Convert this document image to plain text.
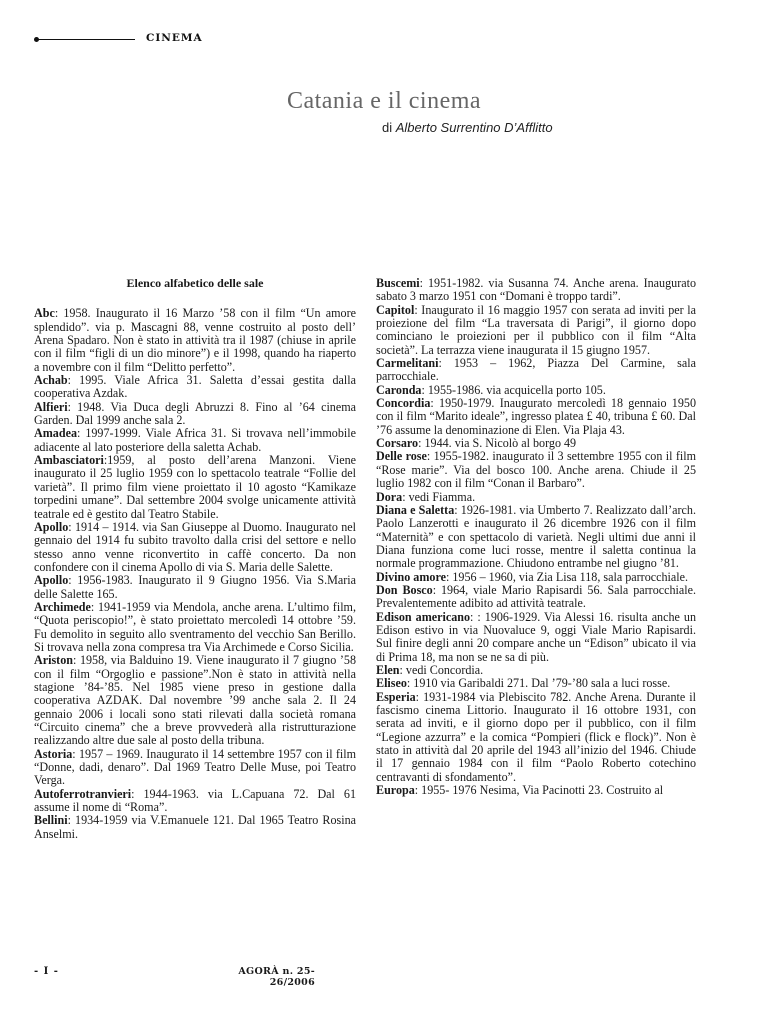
CINEMA
Catania e il cinema
di Alberto Surrentino D’Afflitto
Elenco alfabetico delle sale

Abc: 1958. Inaugurato il 16 Marzo ’58 con il film “Un amore splendido”. via p. Mascagni 88, venne costruito al posto dell’ Arena Spadaro. Non è stato in attività tra il 1987 (chiuse in aprile con il film “figli di un dio minore”) e il 1998, quando ha riaperto a novembre con il film “Delitto perfetto”.

Achab: 1995. Viale Africa 31. Saletta d’essai gestita dalla cooperativa Azdak.

Alfieri: 1948. Via Duca degli Abruzzi 8. Fino al ’64 cinema Garden. Dal 1999 anche sala 2.

Amadea: 1997-1999. Viale Africa 31. Si trovava nell’immobile adiacente al lato posteriore della saletta Achab.

Ambasciatori:1959, al posto dell’arena Manzoni. Viene inaugurato il 25 luglio 1959 con lo spettacolo teatrale “Follie del varietà”. Il primo film viene proiettato il 10 agosto “Kamikaze torpedini umane”. Dal settembre 2004 svolge unicamente attività teatrale ed è gestito dal Teatro Stabile.

Apollo: 1914 – 1914. via San Giuseppe al Duomo. Inaugurato nel gennaio del 1914 fu subito travolto dalla crisi del settore e nello stesso anno venne riconvertito in caffè concerto. Da non confondere con il cinema Apollo di via S. Maria delle Salette.

Apollo: 1956-1983. Inaugurato il 9 Giugno 1956. Via S.Maria delle Salette 165.

Archimede: 1941-1959 via Mendola, anche arena. L’ultimo film, “Quota periscopio!”, è stato proiettato mercoledì 14 ottobre ’59. Fu demolito in seguito allo sventramento del vecchio San Berillo. Si trovava nella zona compresa tra Via Archimede e Corso Sicilia.

Ariston: 1958, via Balduino 19. Viene inaugurato il 7 giugno ’58 con il film “Orgoglio e passione”.Non è stato in attività nella stagione ’84-’85. Nel 1985 viene preso in gestione dalla cooperativa AZDAK. Dal novembre ’99 anche sala 2. Il 24 gennaio 2006 i locali sono stati rilevati dalla società romana “Circuito cinema” che a breve provvederà alla ristrutturazione realizzando altre due sale al posto della tribuna.

Astoria: 1957 – 1969. Inaugurato il 14 settembre 1957 con il film “Donne, dadi, denaro”. Dal 1969 Teatro Delle Muse, poi Teatro Verga.

Autoferrotranvieri: 1944-1963. via L.Capuana 72. Dal 61 assume il nome di “Roma”.

Bellini: 1934-1959 via V.Emanuele 121. Dal 1965 Teatro Rosina Anselmi.

Buscemi: 1951-1982. via Susanna 74. Anche arena. Inaugurato sabato 3 marzo 1951 con “Domani è troppo tardi”.

Capitol: Inaugurato il 16 maggio 1957 con serata ad inviti per la proiezione del film “La traversata di Parigi”, il giorno dopo cominciano le proiezioni per il pubblico con il film “Alta società”. La terrazza viene inaugurata il 15 giugno 1957.

Carmelitani: 1953 – 1962, Piazza Del Carmine, sala parrocchiale.

Caronda: 1955-1986. via acquicella porto 105.

Concordia: 1950-1979. Inaugurato mercoledì 18 gennaio 1950 con il film “Marito ideale”, ingresso platea £ 40, tribuna £ 60. Dal ’76 assume la denominazione di Elen. Via Plaja 43.

Corsaro: 1944. via S. Nicolò al borgo 49

Delle rose: 1955-1982. inaugurato il 3 settembre 1955 con il film “Rose marie”. Via del bosco 100. Anche arena. Chiude il 25 luglio 1982 con il film “Conan il Barbaro”.

Dora: vedi Fiamma.

Diana e Saletta: 1926-1981. via Umberto 7. Realizzato dall’arch. Paolo Lanzerotti e inaugurato il 26 dicembre 1926 con il film “Maternità” e con spettacolo di varietà. Negli ultimi due anni il Diana funziona come luci rosse, mentre il saletta continua la normale programmazione. Chiudono entrambe nel giugno ’81.

Divino amore: 1956 – 1960, via Zia Lisa 118, sala parrocchiale.

Don Bosco: 1964, viale Mario Rapisardi 56. Sala parrocchiale. Prevalentemente adibito ad attività teatrale.

Edison americano: : 1906-1929. Via Alessi 16. risulta anche un Edison estivo in via Nuovaluce 9, oggi Viale Mario Rapisardi. Sul finire degli anni 20 compare anche un “Edison” ubicato il via di Prima 18, ma non se ne sa di più.

Elen: vedi Concordia.

Eliseo: 1910 via Garibaldi 271. Dal ’79-’80 sala a luci rosse.

Esperia: 1931-1984 via Plebiscito 782. Anche Arena. Durante il fascismo cinema Littorio. Inaugurato il 16 ottobre 1931, con serata ad inviti, e il giorno dopo per il pubblico, con il film “Legione azzurra” e la comica “Pompieri (flick e flock)”. Non è stato in attività dal 20 aprile del 1943 all’inizio del 1946. Chiude il 17 gennaio 1984 con il film “Paolo Roberto cotechino centravanti di sfondamento”.

Europa: 1955- 1976 Nesima, Via Pacinotti 23. Costruito al

- I -	AGORÀ n. 25-26/2006
